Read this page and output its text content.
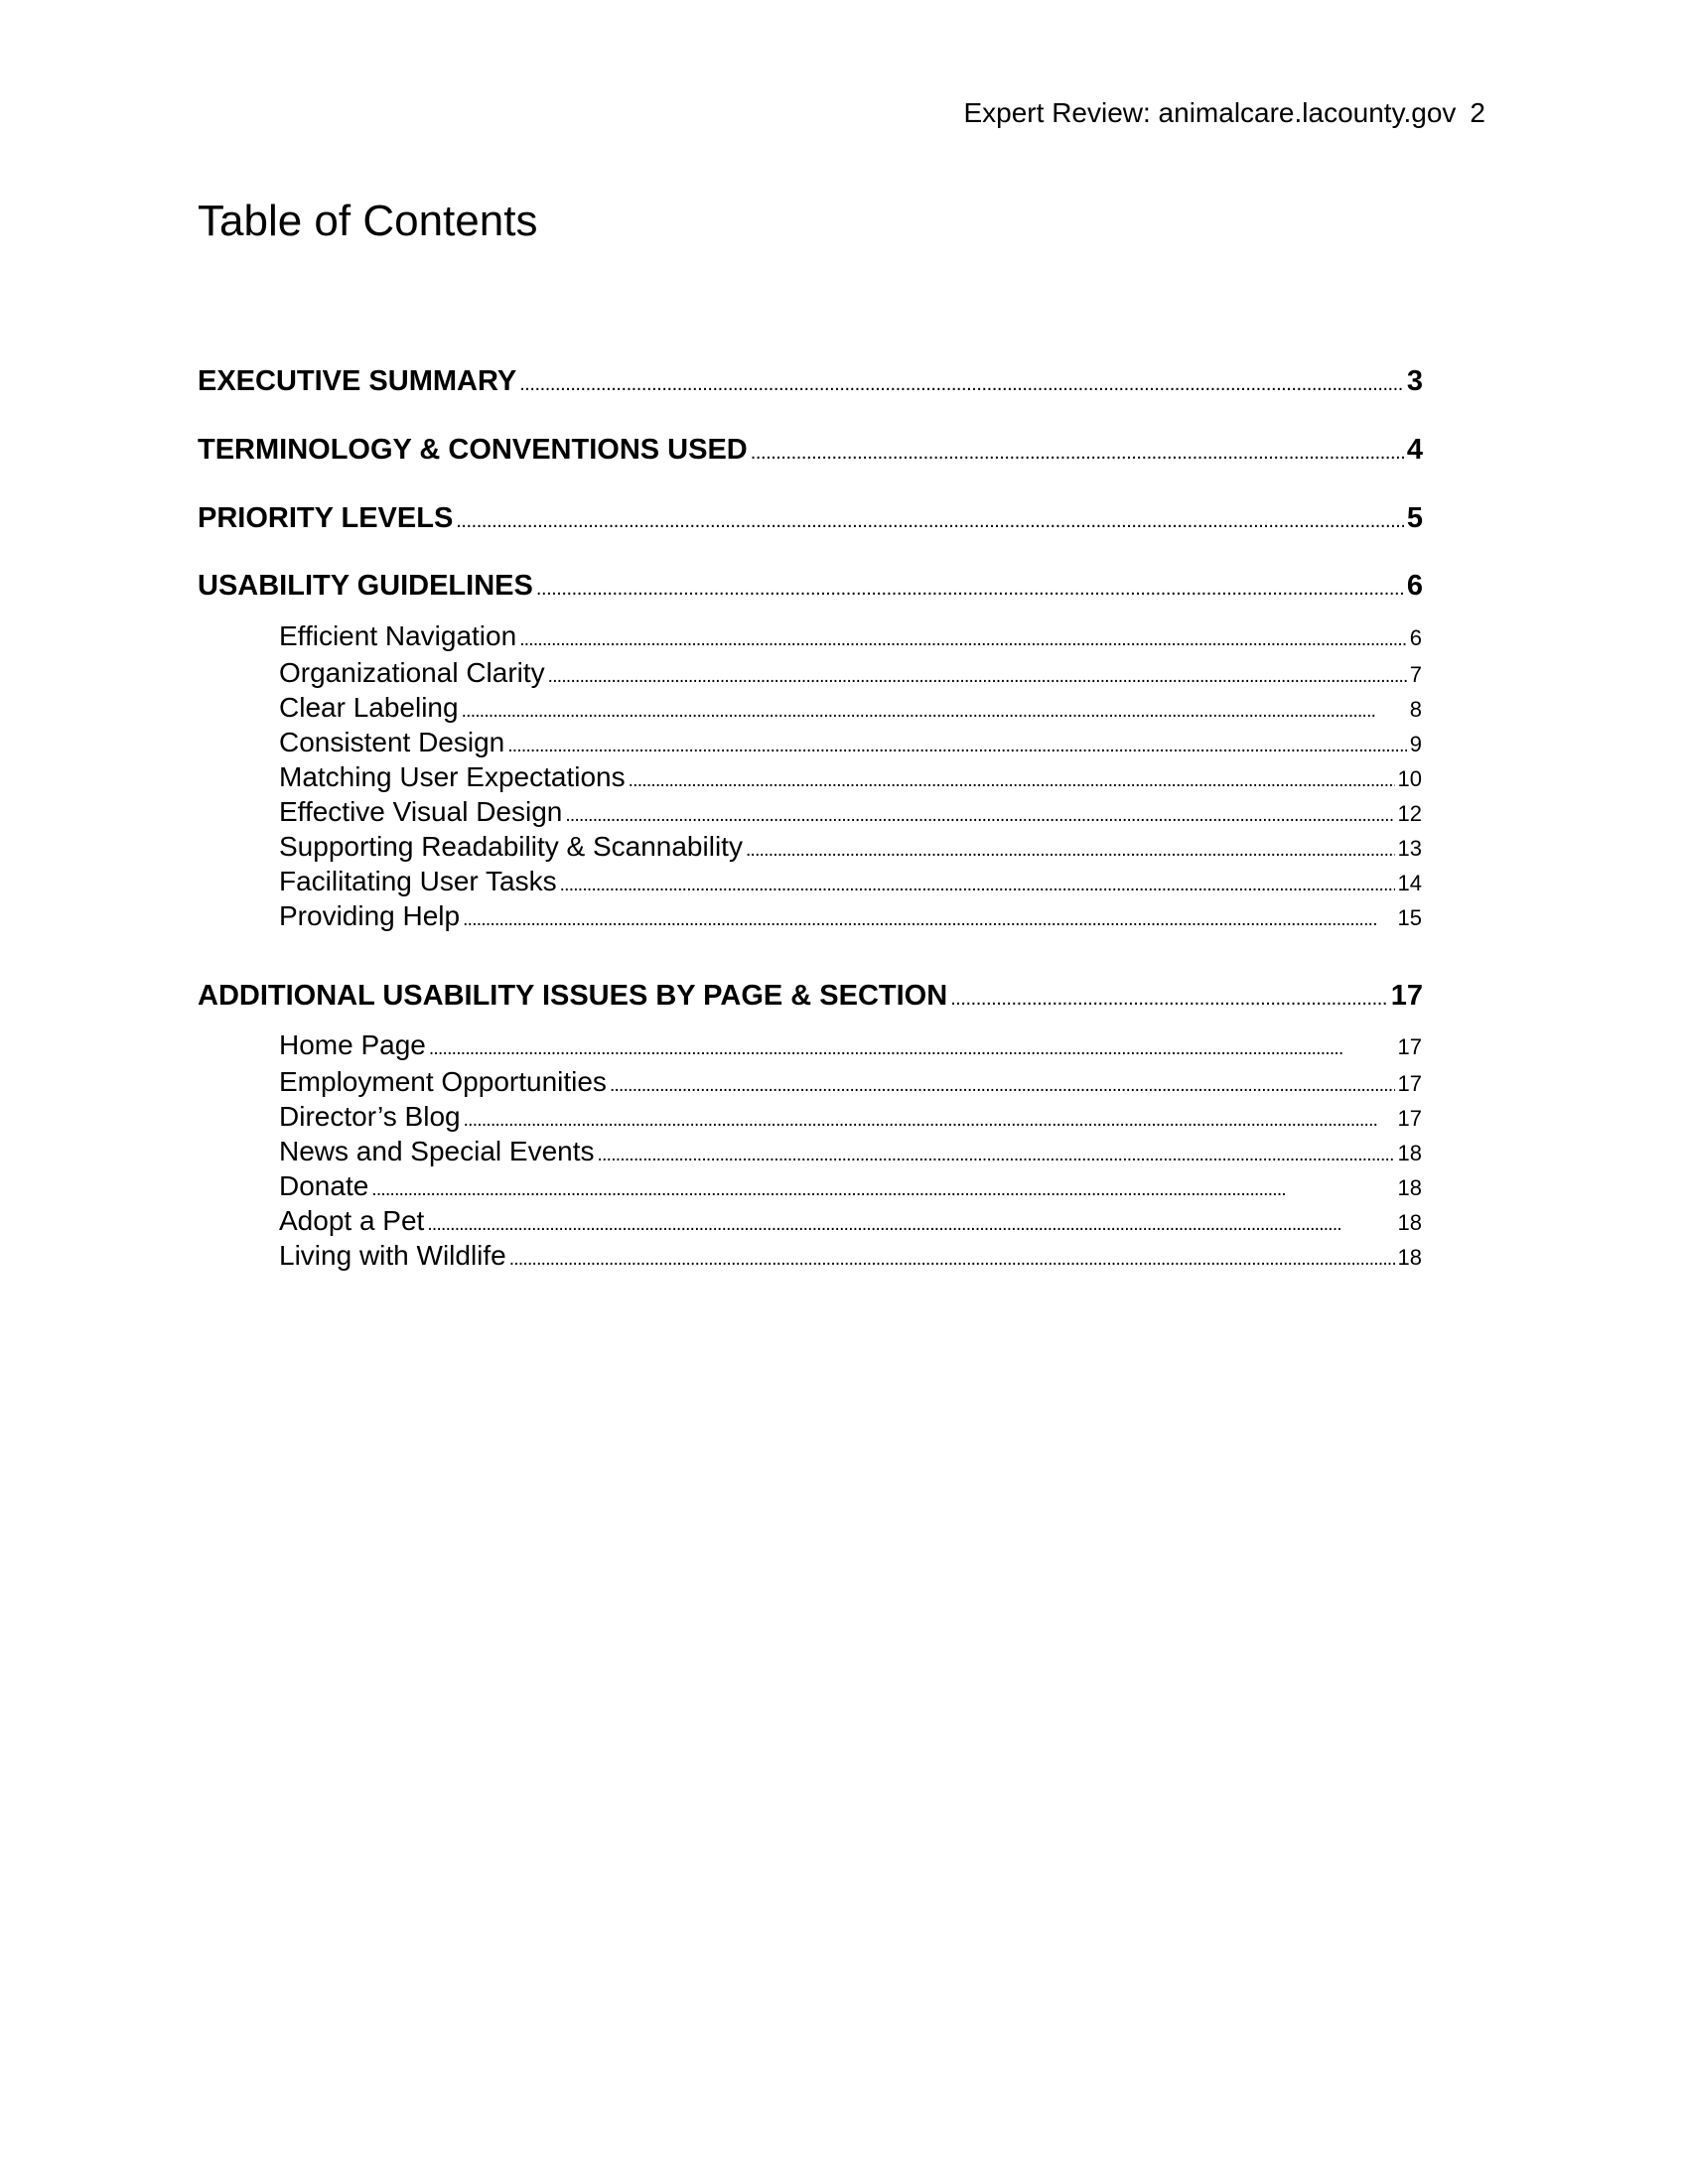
Expert Review: animalcare.lacounty.gov 2
Table of Contents
EXECUTIVE SUMMARY . . .	3
TERMINOLOGY & CONVENTIONS USED . . .	4
PRIORITY LEVELS . . .	5
USABILITY GUIDELINES . . .	6
Efficient Navigation . . .	6
Organizational Clarity . . .	7
Clear Labeling . . .	8
Consistent Design . . .	9
Matching User Expectations . . .	10
Effective Visual Design . . .	12
Supporting Readability & Scannability . . .	13
Facilitating User Tasks . . .	14
Providing Help . . .	15
ADDITIONAL USABILITY ISSUES BY PAGE & SECTION . . .	17
Home Page . . .	17
Employment Opportunities . . .	17
Director’s Blog . . .	17
News and Special Events . . .	18
Donate . . .	18
Adopt a Pet . . .	18
Living with Wildlife . . .	18
